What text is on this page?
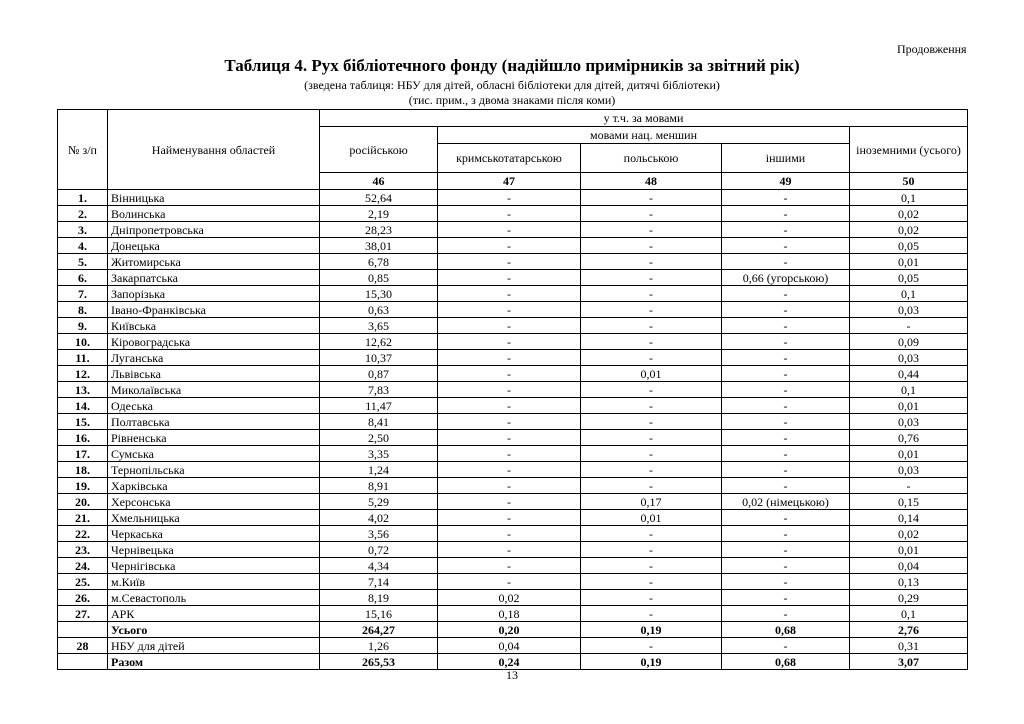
Продовження
Таблиця 4. Рух бібліотечного фонду (надійшло примірників за звітний рік)
(зведена таблиця: НБУ для дітей, обласні бібліотеки для дітей, дитячі бібліотеки)
(тис. прим., з двома знаками після коми)
№ з/п	Найменування областей	у т.ч. за мовами				
		російською	мовами нац. меншин			іноземними (усього)
			кримськотатарською	польською	іншими	
		46	47	48	49	50
1.	Вінницька	52,64	-	-	-	0,1
2.	Волинська	2,19	-	-	-	0,02
3.	Дніпропетровська	28,23	-	-	-	0,02
4.	Донецька	38,01	-	-	-	0,05
5.	Житомирська	6,78	-	-	-	0,01
6.	Закарпатська	0,85	-	-	0,66 (угорською)	0,05
7.	Запорізька	15,30	-	-	-	0,1
8.	Івано-Франківська	0,63	-	-	-	0,03
9.	Київська	3,65	-	-	-	-
10.	Кіровоградська	12,62	-	-	-	0,09
11.	Луганська	10,37	-	-	-	0,03
12.	Львівська	0,87	-	0,01	-	0,44
13.	Миколаївська	7,83	-	-	-	0,1
14.	Одеська	11,47	-	-	-	0,01
15.	Полтавська	8,41	-	-	-	0,03
16.	Рівненська	2,50	-	-	-	0,76
17.	Сумська	3,35	-	-	-	0,01
18.	Тернопільська	1,24	-	-	-	0,03
19.	Харківська	8,91	-	-	-	-
20.	Херсонська	5,29	-	0,17	0,02 (німецькою)	0,15
21.	Хмельницька	4,02	-	0,01	-	0,14
22.	Черкаська	3,56	-	-	-	0,02
23.	Чернівецька	0,72	-	-	-	0,01
24.	Чернігівська	4,34	-	-	-	0,04
25.	м.Київ	7,14	-	-	-	0,13
26.	м.Севастополь	8,19	0,02	-	-	0,29
27.	АРК	15,16	0,18	-	-	0,1
	Усього	264,27	0,20	0,19	0,68	2,76
28	НБУ для дітей	1,26	0,04	-	-	0,31
	Разом	265,53	0,24	0,19	0,68	3,07
13
